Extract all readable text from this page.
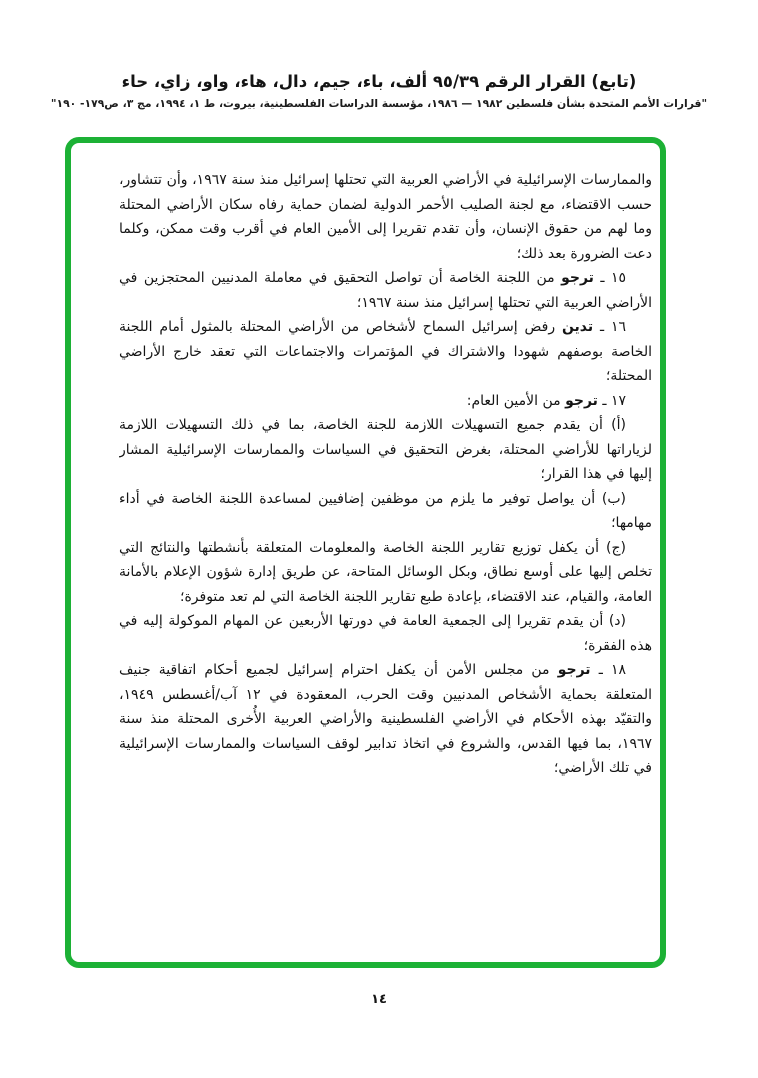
(تابع) القرار الرقم ٩٥/٣٩ ألف، باء، جيم، دال، هاء، واو، زاي، حاء

"قرارات الأمم المتحدة بشأن فلسطين ١٩٨٢ — ١٩٨٦، مؤسسة الدراسات الفلسطينية، بيروت، ط ١، ١٩٩٤، مج ٣، ص١٧٩- ١٩٠"

والممارسات الإسرائيلية في الأراضي العربية التي تحتلها إسرائيل منذ سنة ١٩٦٧، وأن تتشاور، حسب الاقتضاء، مع لجنة الصليب الأحمر الدولية لضمان حماية رفاه سكان الأراضي المحتلة وما لهم من حقوق الإنسان، وأن تقدم تقريرا إلى الأمين العام في أقرب وقت ممكن، وكلما دعت الضرورة بعد ذلك؛

١٥ ـ ترجو من اللجنة الخاصة أن تواصل التحقيق في معاملة المدنيين المحتجزين في الأراضي العربية التي تحتلها إسرائيل منذ سنة ١٩٦٧؛

١٦ ـ تدين رفض إسرائيل السماح لأشخاص من الأراضي المحتلة بالمثول أمام اللجنة الخاصة بوصفهم شهودا والاشتراك في المؤتمرات والاجتماعات التي تعقد خارج الأراضي المحتلة؛

١٧ ـ ترجو من الأمين العام:

(أ) أن يقدم جميع التسهيلات اللازمة للجنة الخاصة، بما في ذلك التسهيلات اللازمة لزياراتها للأراضي المحتلة، بغرض التحقيق في السياسات والممارسات الإسرائيلية المشار إليها في هذا القرار؛

(ب) أن يواصل توفير ما يلزم من موظفين إضافيين لمساعدة اللجنة الخاصة في أداء مهامها؛

(ج) أن يكفل توزيع تقارير اللجنة الخاصة والمعلومات المتعلقة بأنشطتها والنتائج التي تخلص إليها على أوسع نطاق، وبكل الوسائل المتاحة، عن طريق إدارة شؤون الإعلام بالأمانة العامة، والقيام، عند الاقتضاء، بإعادة طبع تقارير اللجنة الخاصة التي لم تعد متوفرة؛

(د) أن يقدم تقريرا إلى الجمعية العامة في دورتها الأربعين عن المهام الموكولة إليه في هذه الفقرة؛

١٨ ـ ترجو من مجلس الأمن أن يكفل احترام إسرائيل لجميع أحكام اتفاقية جنيف المتعلقة بحماية الأشخاص المدنيين وقت الحرب، المعقودة في ١٢ آب/أغسطس ١٩٤٩، والتقيّد بهذه الأحكام في الأراضي الفلسطينية والأراضي العربية الأُخرى المحتلة منذ سنة ١٩٦٧، بما فيها القدس، والشروع في اتخاذ تدابير لوقف السياسات والممارسات الإسرائيلية في تلك الأراضي؛

١٤
